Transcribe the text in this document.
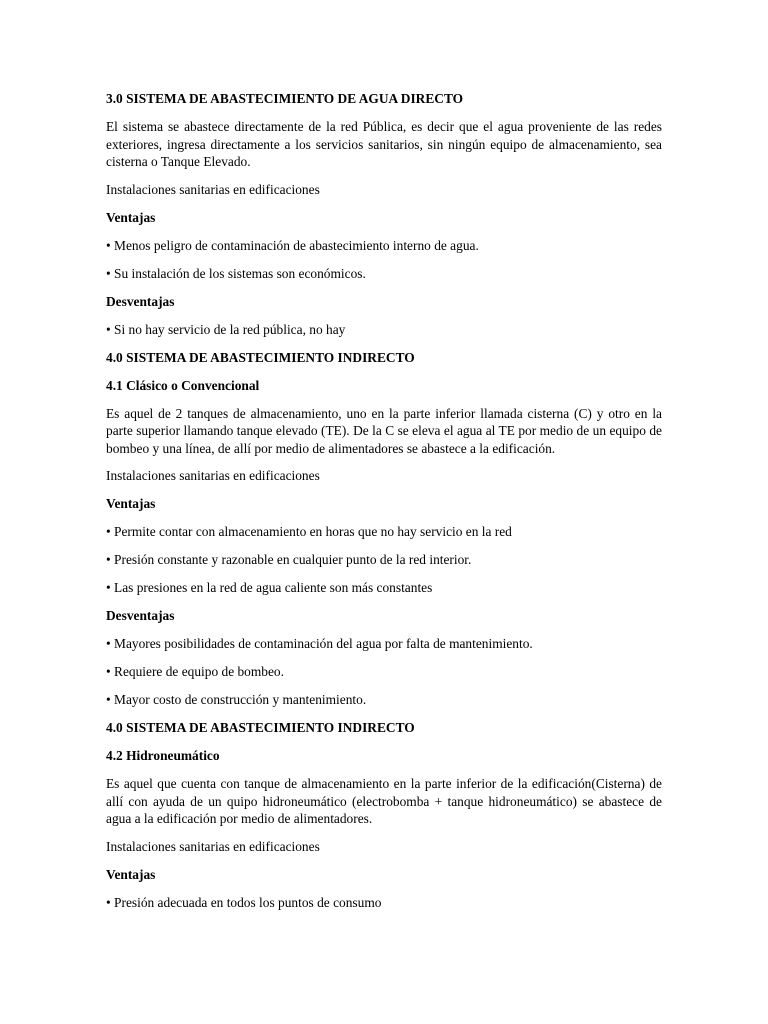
3.0 SISTEMA DE ABASTECIMIENTO DE AGUA DIRECTO
El sistema se abastece directamente de la red Pública, es decir que el agua proveniente de las redes exteriores, ingresa directamente a los servicios sanitarios, sin ningún equipo de almacenamiento, sea cisterna o Tanque Elevado.
Instalaciones sanitarias en edificaciones
Ventajas
• Menos peligro de contaminación de abastecimiento interno de agua.
• Su instalación de los sistemas son económicos.
Desventajas
• Si no hay servicio de la red pública, no hay
4.0 SISTEMA DE ABASTECIMIENTO INDIRECTO
4.1 Clásico o Convencional
Es aquel de 2 tanques de almacenamiento, uno en la parte inferior llamada cisterna (C) y otro en la parte superior llamando tanque elevado (TE). De la C se eleva el agua al TE por medio de un equipo de bombeo y una línea, de allí por medio de alimentadores se abastece a la edificación.
Instalaciones sanitarias en edificaciones
Ventajas
• Permite contar con almacenamiento en horas que no hay servicio en la red
• Presión constante y razonable en cualquier punto de la red interior.
• Las presiones en la red de agua caliente son más constantes
Desventajas
• Mayores posibilidades de contaminación del agua por falta de mantenimiento.
• Requiere de equipo de bombeo.
• Mayor costo de construcción y mantenimiento.
4.0 SISTEMA DE ABASTECIMIENTO INDIRECTO
4.2 Hidroneumático
Es aquel que cuenta con tanque de almacenamiento en la parte inferior de la edificación(Cisterna) de allí con ayuda de un quipo hidroneumático (electrobomba + tanque hidroneumático) se abastece de agua a la edificación por medio de alimentadores.
Instalaciones sanitarias en edificaciones
Ventajas
• Presión adecuada en todos los puntos de consumo
